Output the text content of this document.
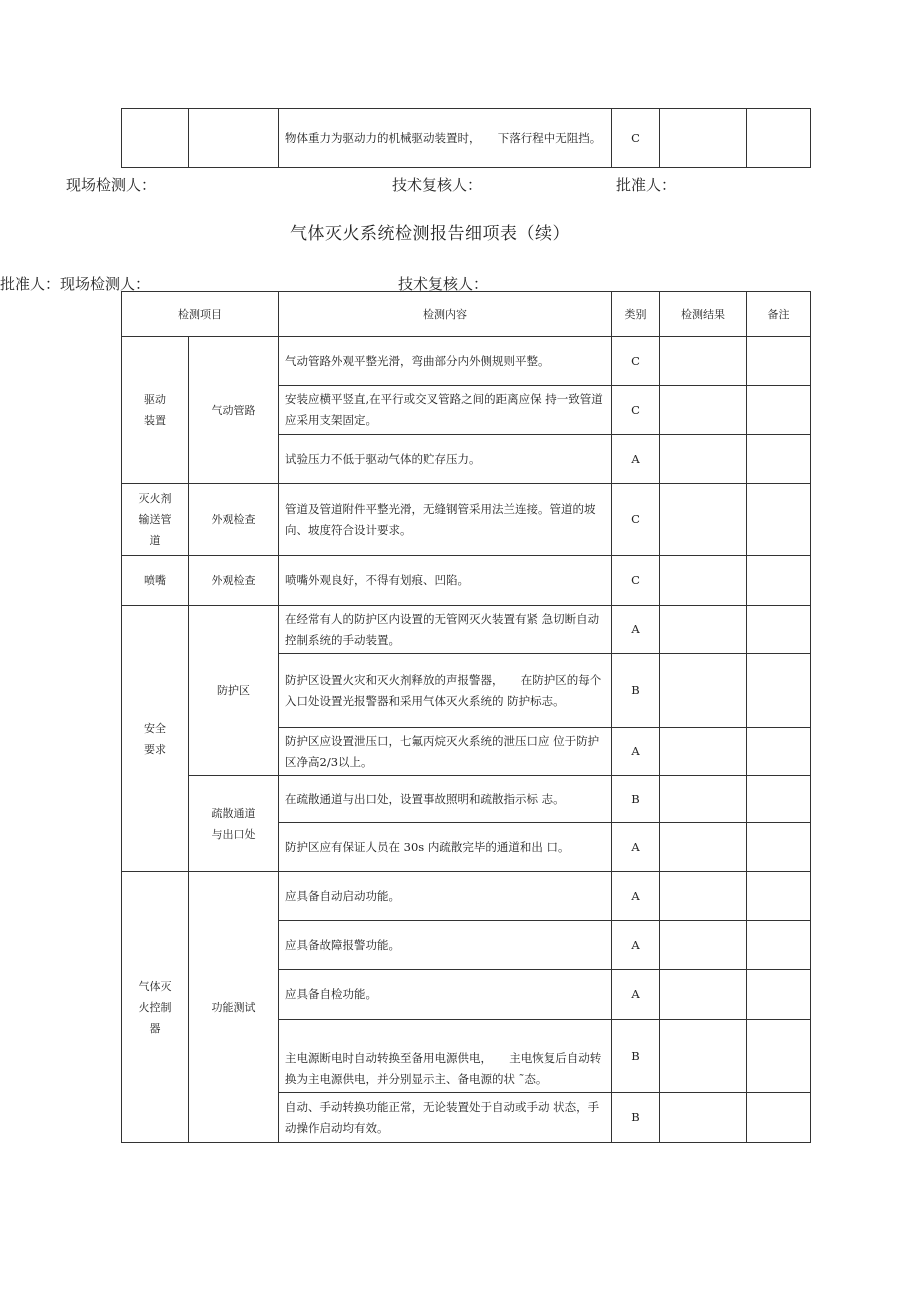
		物体重力为驱动力的机械驱动装置时，　　下落行程中无阻挡。	C		
现场检测人：	技术复核人：	批准人：
气体灭火系统检测报告细项表（续）
批准人：现场检测人：	技术复核人：
检测项目		检测内容	类别	检测结果	备注
驱动装置	气动管路	气动管路外观平整光滑，弯曲部分内外侧规则平整。	C		
		安装应横平竖直,在平行或交叉管路之间的距离应保 持一致管道应采用支架固定。	C		
		试验压力不低于驱动气体的贮存压力。	A		
灭火剂输送管道	外观检查	管道及管道附件平整光滑，无缝钢管采用法兰连接。管道的坡向、坡度符合设计要求。	C		
喷嘴	外观检查	喷嘴外观良好，不得有划痕、凹陷。	C		
安全要求	防护区	在经常有人的防护区内设置的无管网灭火装置有紧 急切断自动控制系统的手动装置。	A		
		防护区设置火灾和灭火剂释放的声报警器，　　在防护区的每个入口处设置光报警器和采用气体灭火系统的 防护标志。	B		
		防护区应设置泄压口，七氟丙烷灭火系统的泄压口应 位于防护区净高2/3以上。	A		
	疏散通道与出口处	在疏散通道与出口处，设置事故照明和疏散指示标 志。	B		
		防护区应有保证人员在 30s 内疏散完毕的通道和出 口。	A		
气体灭火控制器	功能测试	应具备自动启动功能。	A		
		应具备故障报警功能。	A		
		应具备自检功能。	A		
		主电源断电时自动转换至备用电源供电，　　主电恢复后自动转换为主电源供电，并分别显示主、备电源的状 ˜态。	B		
		自动、手动转换功能正常，无论装置处于自动或手动 状态，手动操作启动均有效。	B		
